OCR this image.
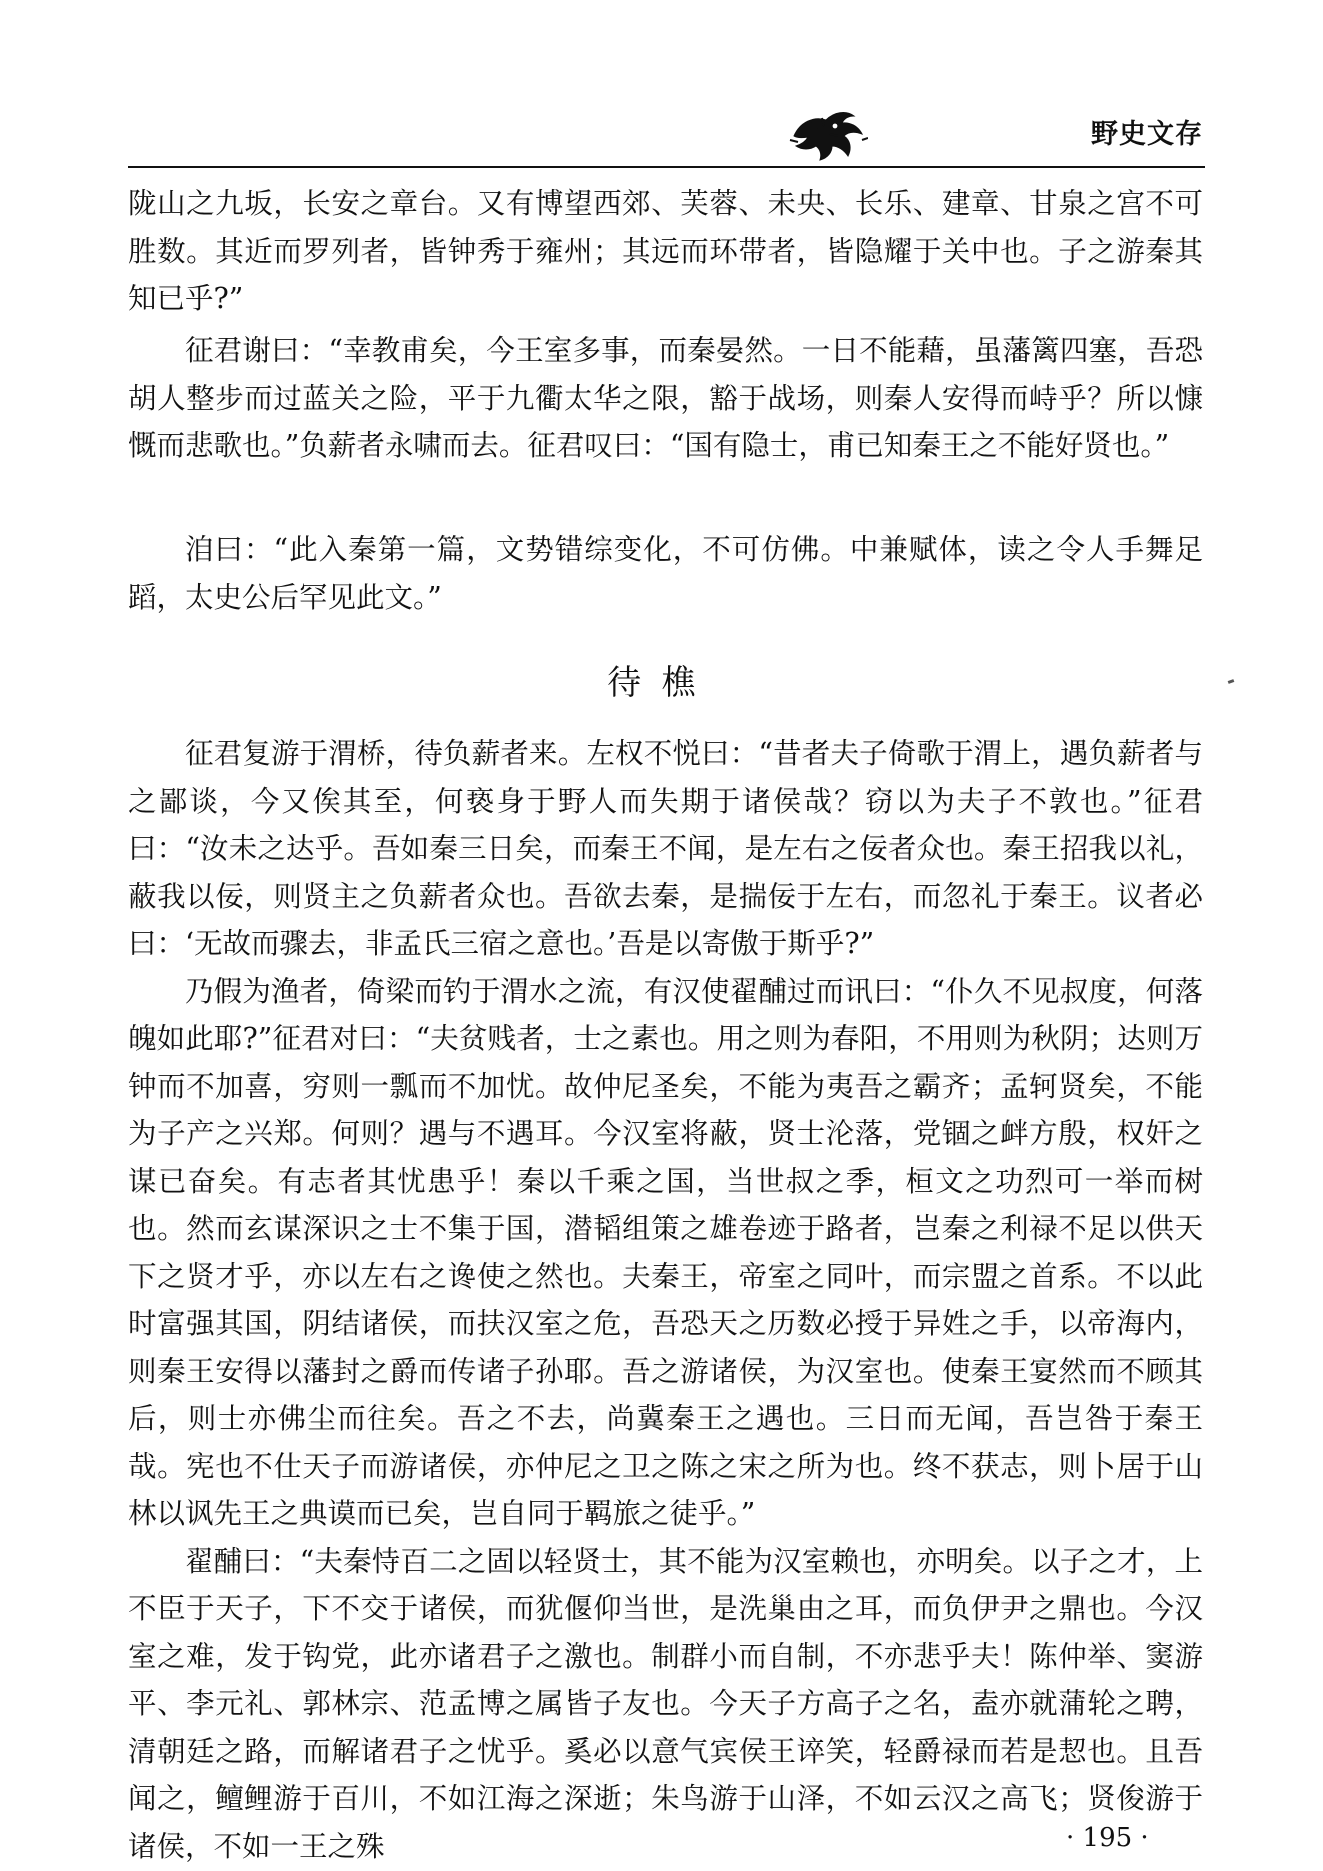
野史文存

陇山之九坂，长安之章台。又有博望西郊、芙蓉、未央、长乐、建章、甘泉之宫不可胜数。其近而罗列者，皆钟秀于雍州；其远而环带者，皆隐耀于关中也。子之游秦其知已乎?”

征君谢曰：“幸教甫矣，今王室多事，而秦晏然。一日不能藉，虽藩篱四塞，吾恐胡人整步而过蓝关之险，平于九衢太华之限，豁于战场，则秦人安得而峙乎？所以慷慨而悲歌也。”负薪者永啸而去。征君叹曰：“国有隐士，甫已知秦王之不能好贤也。”

洎曰：“此入秦第一篇，文势错综变化，不可仿佛。中兼赋体，读之令人手舞足蹈，太史公后罕见此文。”

待樵

征君复游于渭桥，待负薪者来。左权不悦曰：“昔者夫子倚歌于渭上，遇负薪者与之鄙谈，今又俟其至，何亵身于野人而失期于诸侯哉？窃以为夫子不敦也。”征君曰：“汝未之达乎。吾如秦三日矣，而秦王不闻，是左右之佞者众也。秦王招我以礼，蔽我以佞，则贤主之负薪者众也。吾欲去秦，是揣佞于左右，而忽礼于秦王。议者必曰：‘无故而骤去，非孟氏三宿之意也。’吾是以寄傲于斯乎?”

乃假为渔者，倚梁而钓于渭水之流，有汉使翟酺过而讯曰：“仆久不见叔度，何落魄如此耶?”征君对曰：“夫贫贱者，士之素也。用之则为春阳，不用则为秋阴；达则万钟而不加喜，穷则一瓢而不加忧。故仲尼圣矣，不能为夷吾之霸齐；孟轲贤矣，不能为子产之兴郑。何则？遇与不遇耳。今汉室将蔽，贤士沦落，党锢之衅方殷，权奸之谋已奋矣。有志者其忧患乎！秦以千乘之国，当世叔之季，桓文之功烈可一举而树也。然而玄谋深识之士不集于国，潜韬组策之雄卷迹于路者，岂秦之利禄不足以供天下之贤才乎，亦以左右之谗使之然也。夫秦王，帝室之同叶，而宗盟之首系。不以此时富强其国，阴结诸侯，而扶汉室之危，吾恐天之历数必授于异姓之手，以帝海内，则秦王安得以藩封之爵而传诸子孙耶。吾之游诸侯，为汉室也。使秦王宴然而不顾其后，则士亦佛尘而往矣。吾之不去，尚冀秦王之遇也。三日而无闻，吾岂咎于秦王哉。宪也不仕天子而游诸侯，亦仲尼之卫之陈之宋之所为也。终不获志，则卜居于山林以讽先王之典谟而已矣，岂自同于羁旅之徒乎。”

翟酺曰：“夫秦恃百二之固以轻贤士，其不能为汉室赖也，亦明矣。以子之才，上不臣于天子，下不交于诸侯，而犹偃仰当世，是洗巢由之耳，而负伊尹之鼎也。今汉室之难，发于钩党，此亦诸君子之激也。制群小而自制，不亦悲乎夫！陈仲举、窦游平、李元礼、郭林宗、范孟博之属皆子友也。今天子方高子之名，盍亦就蒲轮之聘，清朝廷之路，而解诸君子之忧乎。奚必以意气宾侯王谇笑，轻爵禄而若是恝也。且吾闻之，鳣鲤游于百川，不如江海之深逝；朱鸟游于山泽，不如云汉之高飞；贤俊游于诸侯，不如一王之殊	· 195 ·
